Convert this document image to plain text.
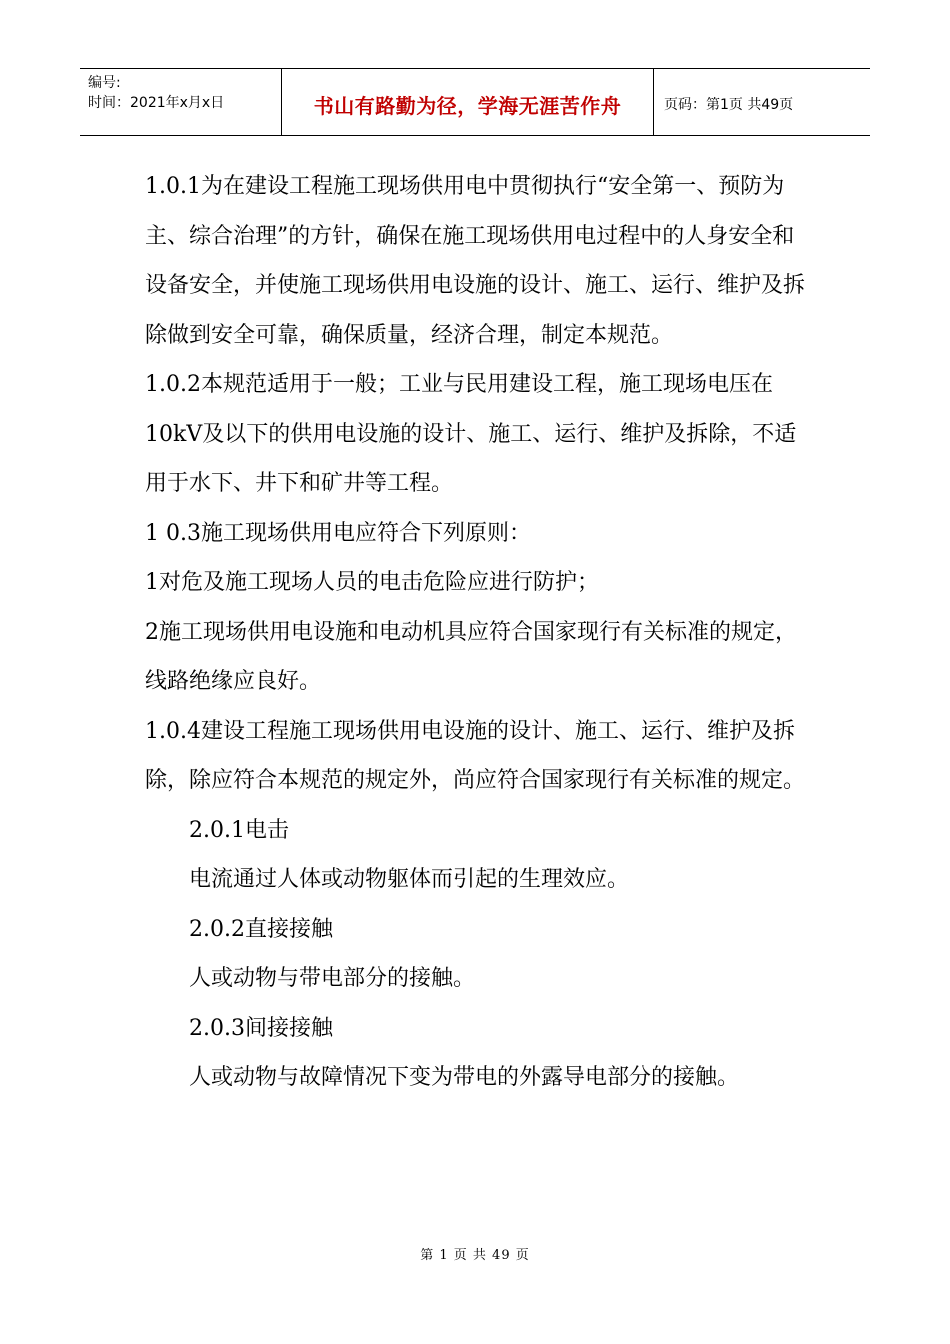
编号:
时间：2021年x月x日	书山有路勤为径，学海无涯苦作舟	页码：第1页 共49页

1.0.1为在建设工程施工现场供用电中贯彻执行“安全第一、预防为主、综合治理”的方针，确保在施工现场供用电过程中的人身安全和设备安全，并使施工现场供用电设施的设计、施工、运行、维护及拆除做到安全可靠，确保质量，经济合理，制定本规范。

1.0.2本规范适用于一般；工业与民用建设工程，施工现场电压在10kV及以下的供用电设施的设计、施工、运行、维护及拆除，不适用于水下、井下和矿井等工程。

1 0.3施工现场供用电应符合下列原则：

1对危及施工现场人员的电击危险应进行防护；

2施工现场供用电设施和电动机具应符合国家现行有关标准的规定，线路绝缘应良好。

1.0.4建设工程施工现场供用电设施的设计、施工、运行、维护及拆除，除应符合本规范的规定外，尚应符合国家现行有关标准的规定。

2.0.1电击

电流通过人体或动物躯体而引起的生理效应。

2.0.2直接接触

人或动物与带电部分的接触。

2.0.3间接接触

人或动物与故障情况下变为带电的外露导电部分的接触。

第 1 页 共 49 页
